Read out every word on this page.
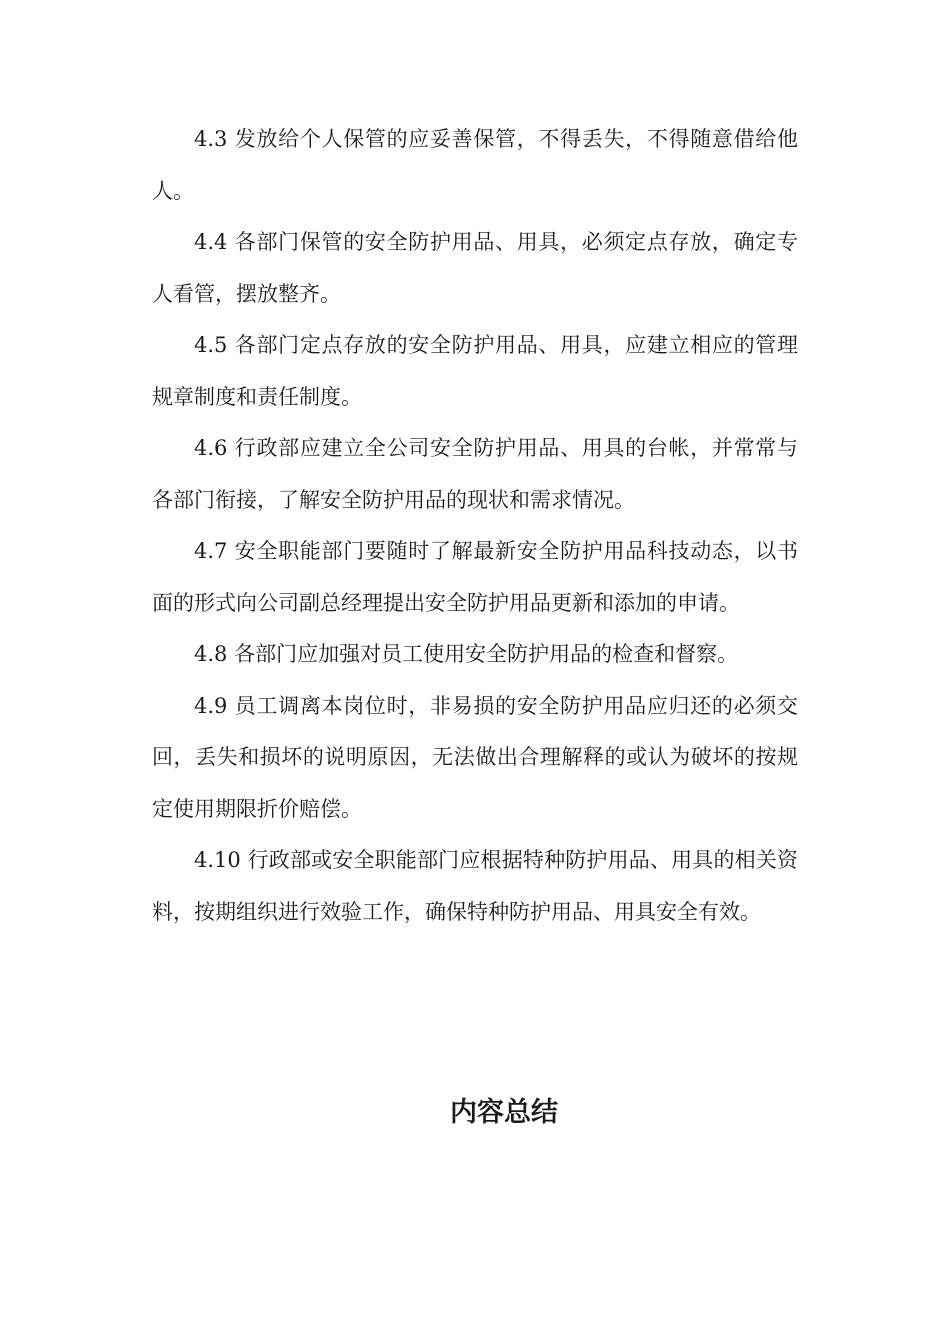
4.3 发放给个人保管的应妥善保管，不得丢失，不得随意借给他人。

4.4 各部门保管的安全防护用品、用具，必须定点存放，确定专人看管，摆放整齐。

4.5 各部门定点存放的安全防护用品、用具，应建立相应的管理规章制度和责任制度。

4.6 行政部应建立全公司安全防护用品、用具的台帐，并常常与各部门衔接，了解安全防护用品的现状和需求情况。

4.7 安全职能部门要随时了解最新安全防护用品科技动态，以书面的形式向公司副总经理提出安全防护用品更新和添加的申请。

4.8 各部门应加强对员工使用安全防护用品的检查和督察。

4.9 员工调离本岗位时，非易损的安全防护用品应归还的必须交回，丢失和损坏的说明原因，无法做出合理解释的或认为破坏的按规定使用期限折价赔偿。

4.10 行政部或安全职能部门应根据特种防护用品、用具的相关资料，按期组织进行效验工作，确保特种防护用品、用具安全有效。

内容总结
